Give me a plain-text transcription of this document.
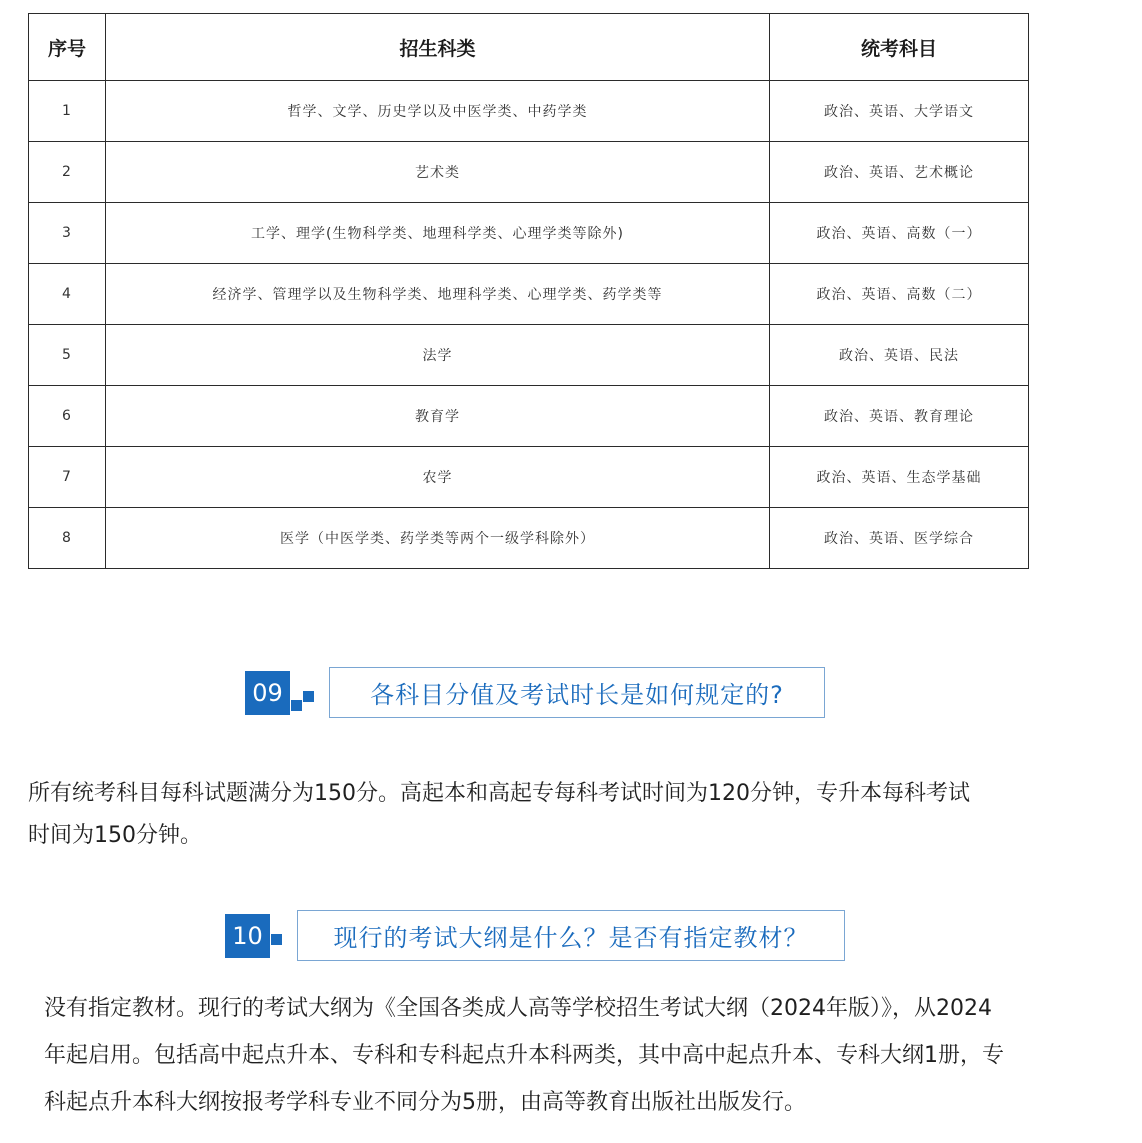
序号	招生科类	统考科目
1	哲学、文学、历史学以及中医学类、中药学类	政治、英语、大学语文
2	艺术类	政治、英语、艺术概论
3	工学、理学(生物科学类、地理科学类、心理学类等除外)	政治、英语、高数（一）
4	经济学、管理学以及生物科学类、地理科学类、心理学类、药学类等	政治、英语、高数（二）
5	法学	政治、英语、民法
6	教育学	政治、英语、教育理论
7	农学	政治、英语、生态学基础
8	医学（中医学类、药学类等两个一级学科除外）	政治、英语、医学综合
09	各科目分值及考试时长是如何规定的?
所有统考科目每科试题满分为150分。高起本和高起专每科考试时间为120分钟，专升本每科考试
时间为150分钟。
10	现行的考试大纲是什么？是否有指定教材？
没有指定教材。现行的考试大纲为《全国各类成人高等学校招生考试大纲（2024年版）》，从2024
年起启用。包括高中起点升本、专科和专科起点升本科两类，其中高中起点升本、专科大纲1册，专
科起点升本科大纲按报考学科专业不同分为5册，由高等教育出版社出版发行。
